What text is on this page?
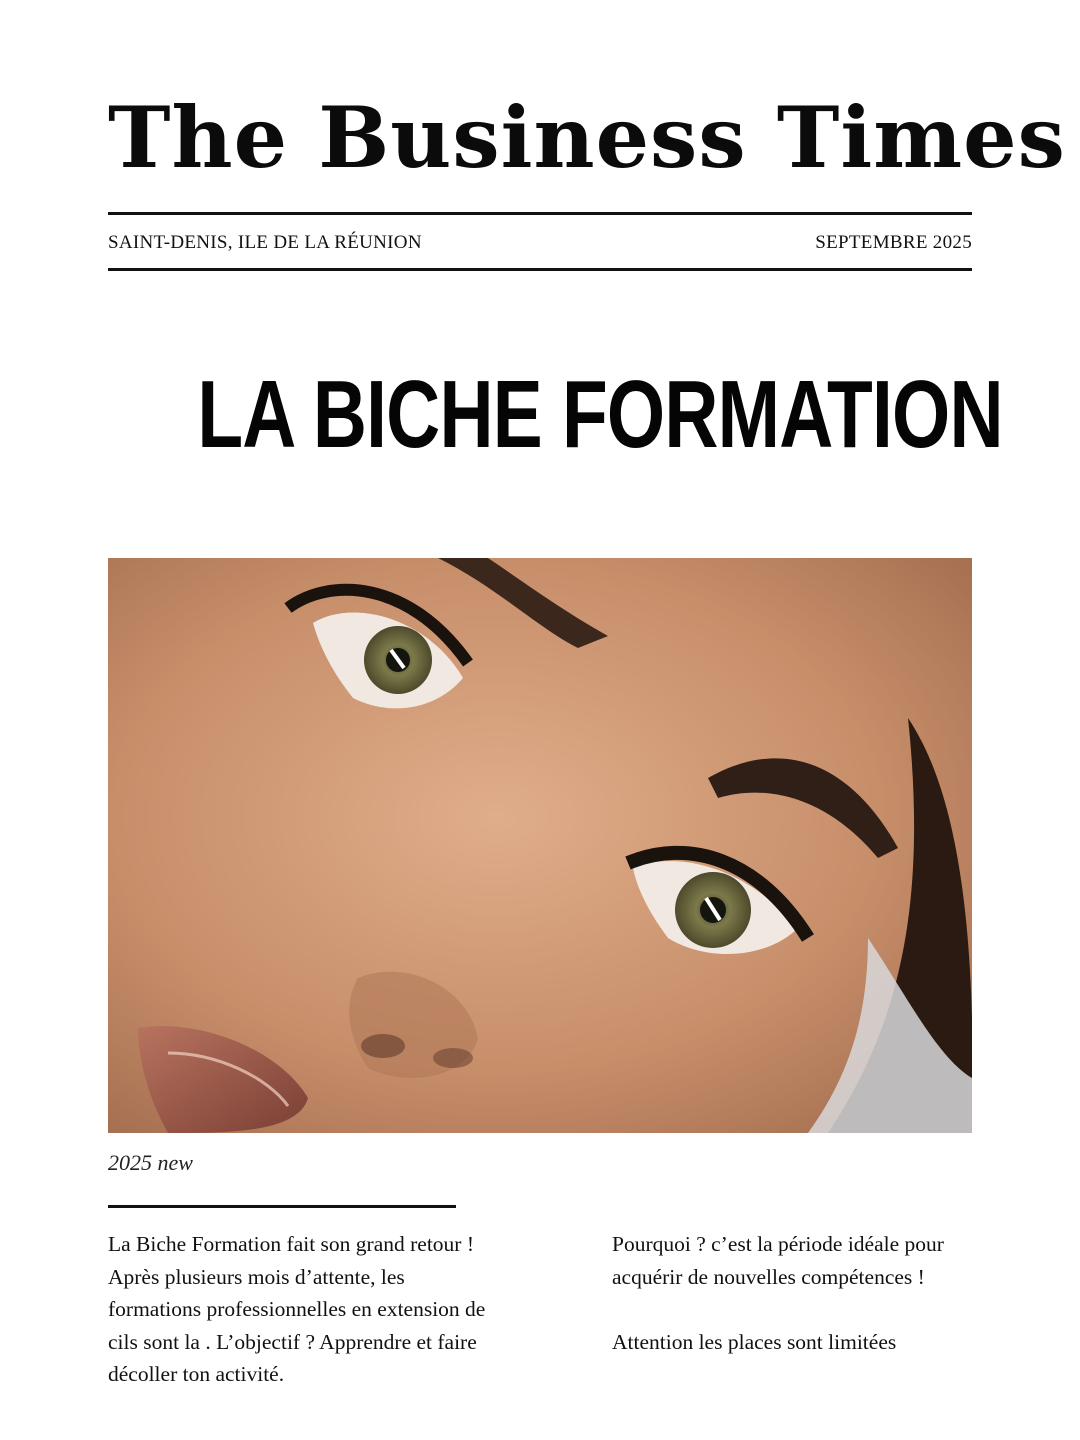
The Business Times
SAINT-DENIS, ILE DE LA RÉUNION	SEPTEMBRE 2025
LA BICHE FORMATION
2025 new

La Biche Formation fait son grand retour !

Après plusieurs mois d’attente, les

formations professionnelles en extension de

cils sont la . L’objectif ? Apprendre et faire

décoller ton activité.

Pourquoi ? c’est la période idéale pour

acquérir de nouvelles compétences !

Attention les places sont limitées
